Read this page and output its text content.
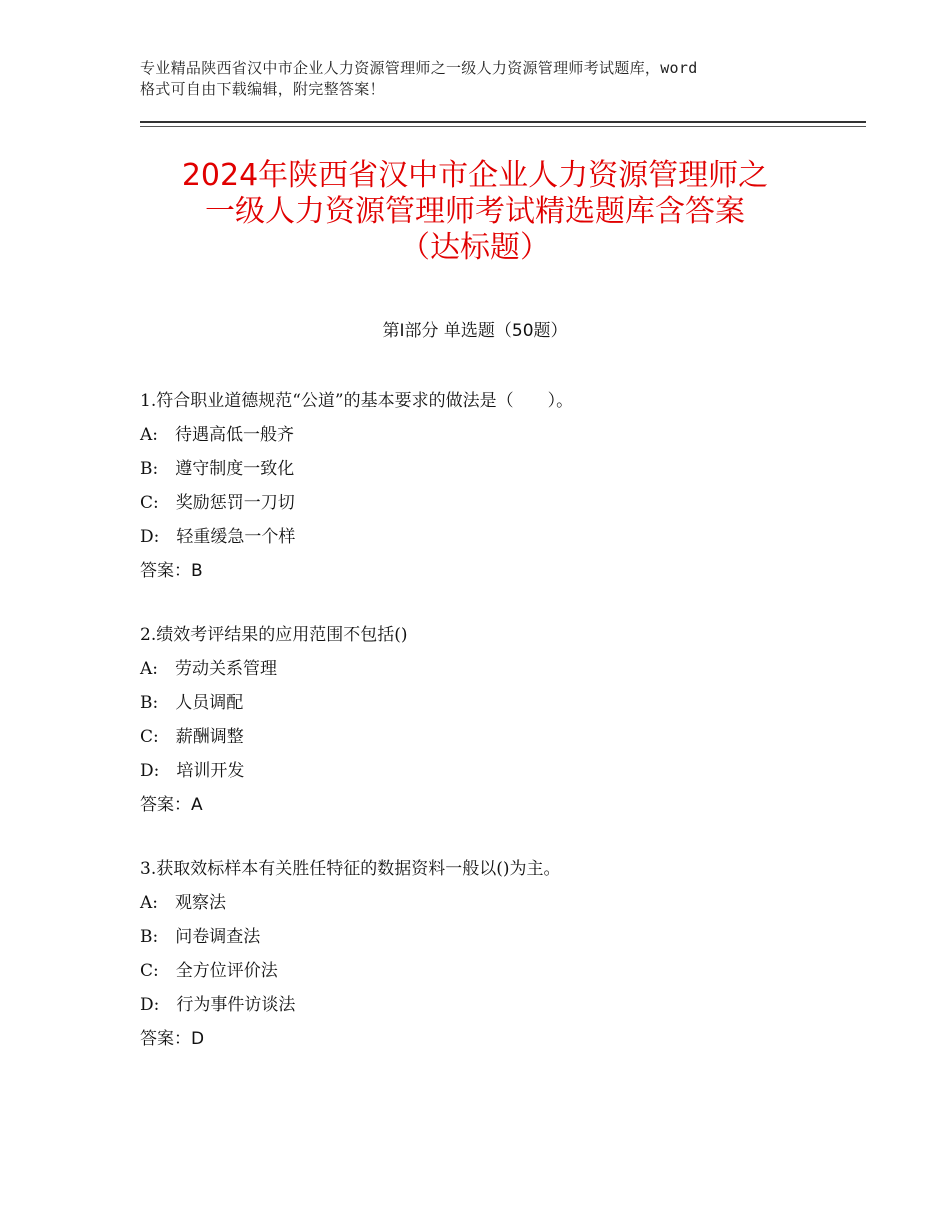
专业精品陕西省汉中市企业人力资源管理师之一级人力资源管理师考试题库，word
格式可自由下载编辑，附完整答案！
2024年陕西省汉中市企业人力资源管理师之
一级人力资源管理师考试精选题库含答案
（达标题）
第Ⅰ部分 单选题（50题）
1.符合职业道德规范“公道”的基本要求的做法是（　　）。
A:　待遇高低一般齐
B:　遵守制度一致化
C:　奖励惩罚一刀切
D:　轻重缓急一个样
答案：B
2.绩效考评结果的应用范围不包括()
A:　劳动关系管理
B:　人员调配
C:　薪酬调整
D:　培训开发
答案：A
3.获取效标样本有关胜任特征的数据资料一般以()为主。
A:　观察法
B:　问卷调查法
C:　全方位评价法
D:　行为事件访谈法
答案：D
